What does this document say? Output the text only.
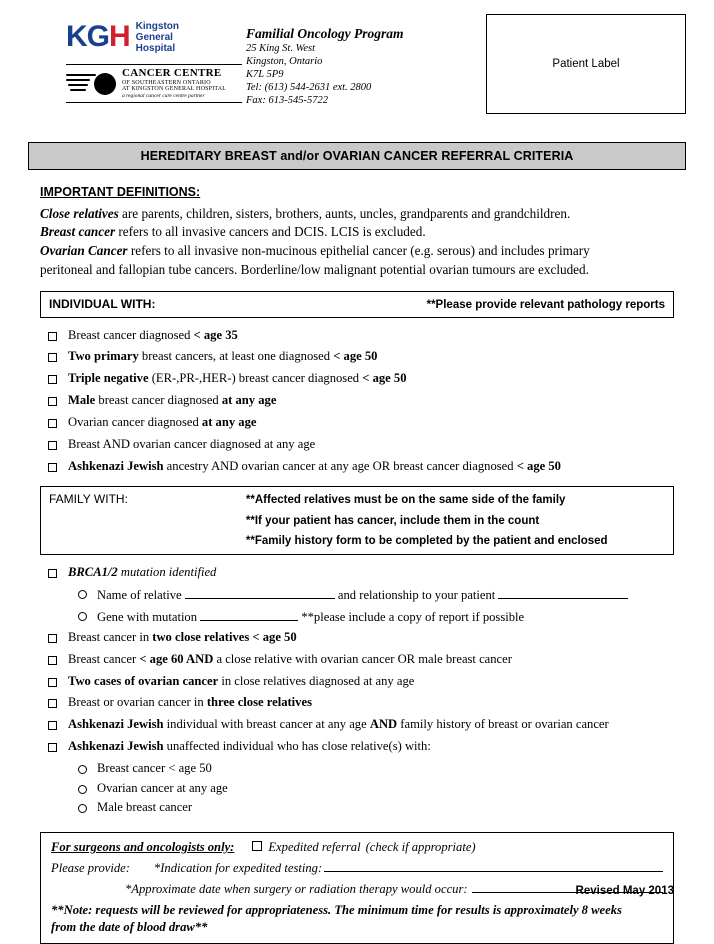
KGH Kingston
General
Hospital
CANCER CENTRE
OF SOUTHEASTERN ONTARIO
AT KINGSTON GENERAL HOSPITAL
a regional cancer care centre partner
Familial Oncology Program
25 King St. West
Kingston, Ontario
K7L 5P9
Tel: (613) 544-2631 ext. 2800
Fax: 613-545-5722
Patient Label
HEREDITARY BREAST and/or OVARIAN CANCER REFERRAL CRITERIA
IMPORTANT DEFINITIONS:

Close relatives are parents, children, sisters, brothers, aunts, uncles, grandparents and grandchildren.

Breast cancer refers to all invasive cancers and DCIS. LCIS is excluded.

Ovarian Cancer refers to all invasive non-mucinous epithelial cancer (e.g. serous) and includes primary

peritoneal and fallopian tube cancers. Borderline/low malignant potential ovarian tumours are excluded.

INDIVIDUAL WITH:	**Please provide relevant pathology reports
Breast cancer diagnosed < age 35
Two primary breast cancers, at least one diagnosed < age 50
Triple negative (ER-,PR-,HER-) breast cancer diagnosed < age 50
Male breast cancer diagnosed at any age
Ovarian cancer diagnosed at any age
Breast AND ovarian cancer diagnosed at any age
Ashkenazi Jewish ancestry AND ovarian cancer at any age OR breast cancer diagnosed < age 50
FAMILY WITH:	**Affected relatives must be on the same side of the family
**If your patient has cancer, include them in the count
**Family history form to be completed by the patient and enclosed
BRCA1/2 mutation identified
Name of relative	and relationship to your patient
Gene with mutation	**please include a copy of report if possible
Breast cancer in two close relatives < age 50
Breast cancer < age 60 AND a close relative with ovarian cancer OR male breast cancer
Two cases of ovarian cancer in close relatives diagnosed at any age
Breast or ovarian cancer in three close relatives
Ashkenazi Jewish individual with breast cancer at any age AND family history of breast or ovarian cancer
Ashkenazi Jewish unaffected individual who has close relative(s) with:
Breast cancer < age 50
Ovarian cancer at any age
Male breast cancer
For surgeons and oncologists only:	Expedited referral (check if appropriate)
Please provide: *Indication for expedited testing:
*Approximate date when surgery or radiation therapy would occur:
**Note: requests will be reviewed for appropriateness. The minimum time for results is approximately 8 weeks
from the date of blood draw**
Revised May 2013
